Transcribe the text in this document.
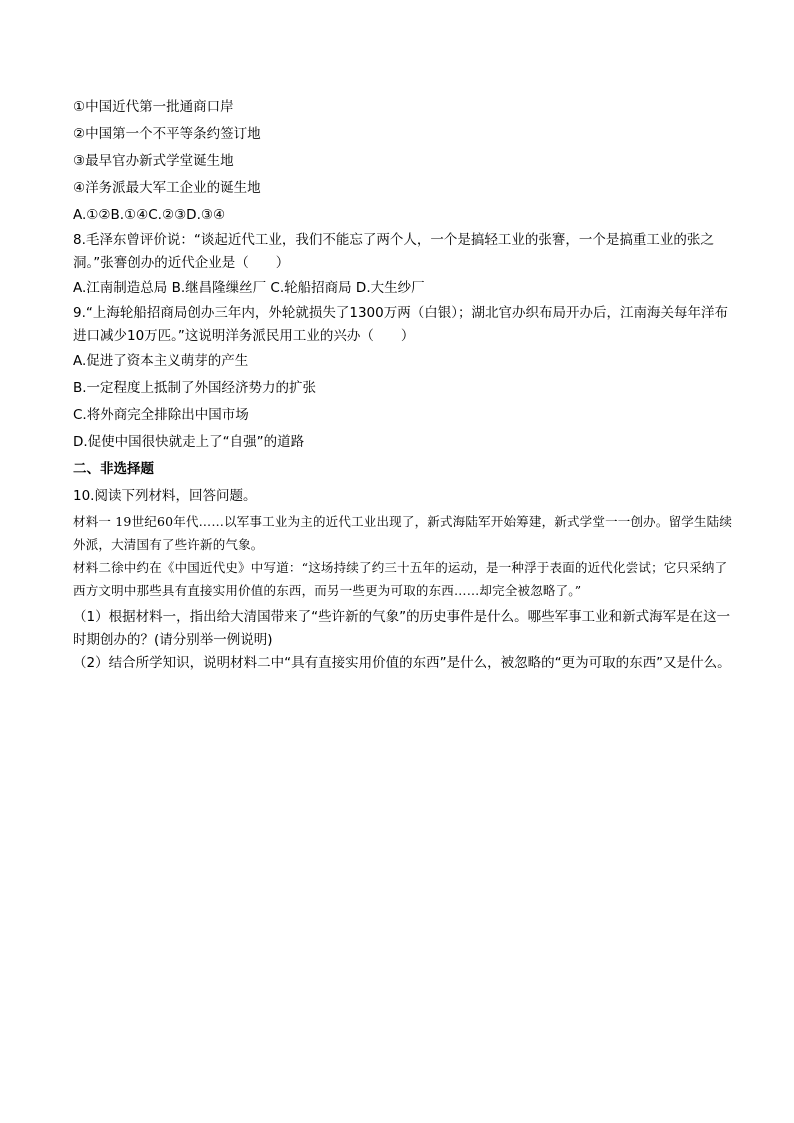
①中国近代第一批通商口岸
②中国第一个不平等条约签订地
③最早官办新式学堂诞生地
④洋务派最大军工企业的诞生地
A.①②B.①④C.②③D.③④
8.毛泽东曾评价说：“谈起近代工业，我们不能忘了两个人，一个是搞轻工业的张謇，一个是搞重工业的张之洞。”张謇创办的近代企业是（　　）
A.江南制造总局 B.继昌隆缫丝厂 C.轮船招商局 D.大生纱厂
9.“上海轮船招商局创办三年内，外轮就损失了1300万两（白银）；湖北官办织布局开办后，江南海关每年洋布进口减少10万匹。”这说明洋务派民用工业的兴办（　　）
A.促进了资本主义萌芽的产生
B.一定程度上抵制了外国经济势力的扩张
C.将外商完全排除出中国市场
D.促使中国很快就走上了“自强”的道路
二、非选择题
10.阅读下列材料，回答问题。
材料一 19世纪60年代……以军事工业为主的近代工业出现了，新式海陆军开始筹建，新式学堂一一创办。留学生陆续外派，大清国有了些许新的气象。
材料二徐中约在《中国近代史》中写道：“这场持续了约三十五年的运动，是一种浮于表面的近代化尝试；它只采纳了西方文明中那些具有直接实用价值的东西，而另一些更为可取的东西……却完全被忽略了。”
（1）根据材料一，指出给大清国带来了“些许新的气象”的历史事件是什么。哪些军事工业和新式海军是在这一时期创办的？(请分别举一例说明)
（2）结合所学知识，说明材料二中“具有直接实用价值的东西”是什么，被忽略的“更为可取的东西”又是什么。
